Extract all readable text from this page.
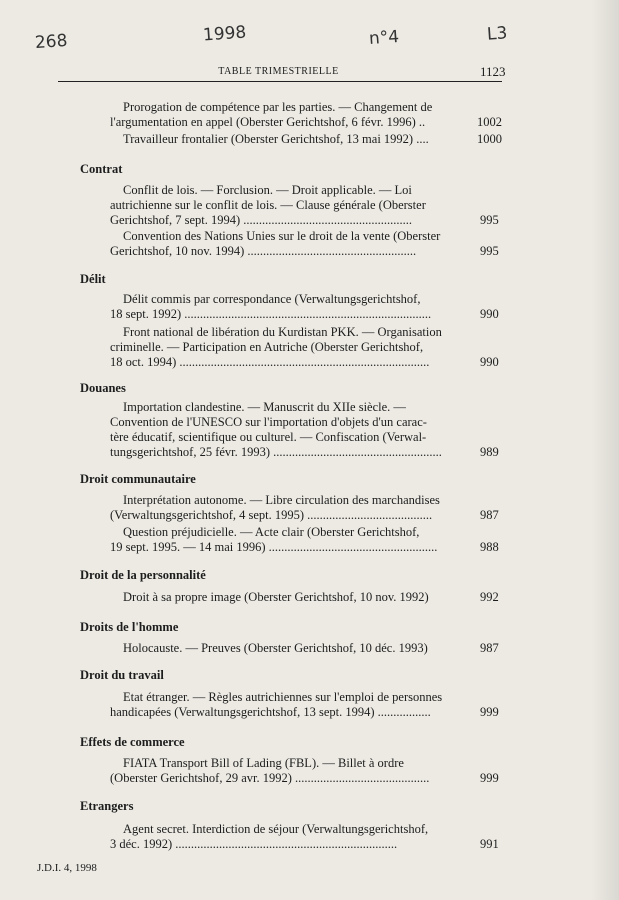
268	1998	n°4	L3
TABLE TRIMESTRIELLE	1123
Prorogation de compétence par les parties. — Changement de
l'argumentation en appel (Oberster Gerichtshof, 6 févr. 1996) ..	1002
Travailleur frontalier (Oberster Gerichtshof, 13 mai 1992) ....	1000
Contrat
Conflit de lois. — Forclusion. — Droit applicable. — Loi
autrichienne sur le conflit de lois. — Clause générale (Oberster
Gerichtshof, 7 sept. 1994) ......................................................	995
Convention des Nations Unies sur le droit de la vente (Oberster
Gerichtshof, 10 nov. 1994) ......................................................	995
Délit
Délit commis par correspondance (Verwaltungsgerichtshof,
18 sept. 1992) ...............................................................................	990
Front national de libération du Kurdistan PKK. — Organisation
criminelle. — Participation en Autriche (Oberster Gerichtshof,
18 oct. 1994) ................................................................................	990
Douanes
Importation clandestine. — Manuscrit du XIIe siècle. —
Convention de l'UNESCO sur l'importation d'objets d'un carac-
tère éducatif, scientifique ou culturel. — Confiscation (Verwal-
tungsgerichtshof, 25 févr. 1993) ......................................................	989
Droit communautaire
Interprétation autonome. — Libre circulation des marchandises
(Verwaltungsgerichtshof, 4 sept. 1995) ........................................	987
Question préjudicielle. — Acte clair (Oberster Gerichtshof,
19 sept. 1995. — 14 mai 1996) ......................................................	988
Droit de la personnalité
Droit à sa propre image (Oberster Gerichtshof, 10 nov. 1992)	992
Droits de l'homme
Holocauste. — Preuves (Oberster Gerichtshof, 10 déc. 1993)	987
Droit du travail
Etat étranger. — Règles autrichiennes sur l'emploi de personnes
handicapées (Verwaltungsgerichtshof, 13 sept. 1994) .................	999
Effets de commerce
FIATA Transport Bill of Lading (FBL). — Billet à ordre
(Oberster Gerichtshof, 29 avr. 1992) ...........................................	999
Etrangers
Agent secret. Interdiction de séjour (Verwaltungsgerichtshof,
3 déc. 1992) .......................................................................	991
J.D.I. 4, 1998
